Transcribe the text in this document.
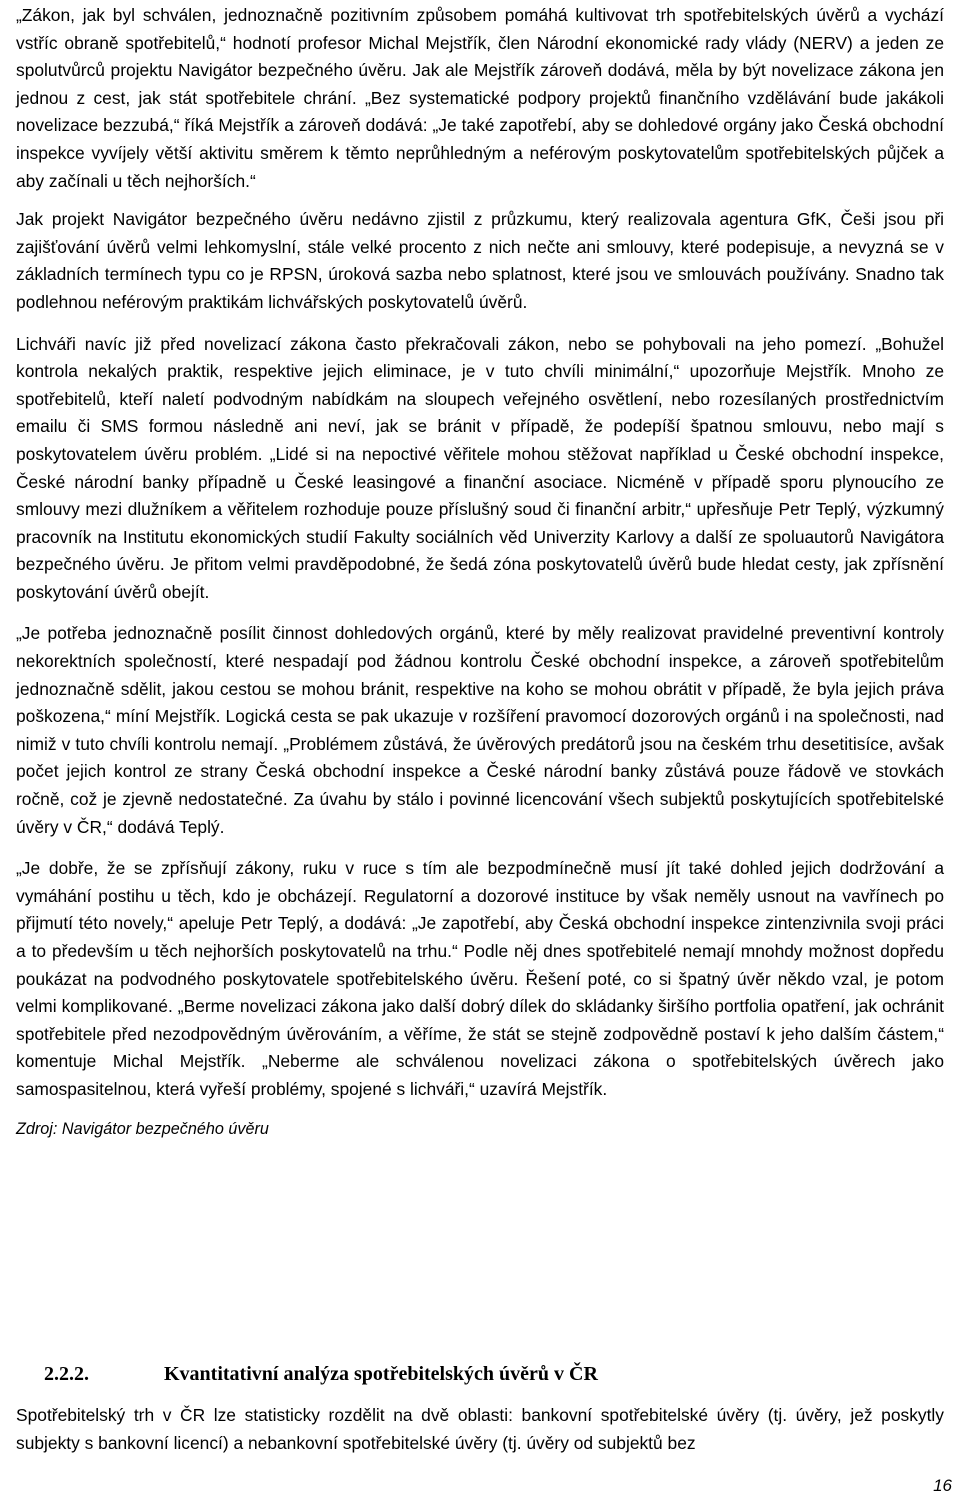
„Zákon, jak byl schválen, jednoznačně pozitivním způsobem pomáhá kultivovat trh spotřebitelských úvěrů a vychází vstříc obraně spotřebitelů,“ hodnotí profesor Michal Mejstřík, člen Národní ekonomické rady vlády (NERV) a jeden ze spolutvůrců projektu Navigátor bezpečného úvěru. Jak ale Mejstřík zároveň dodává, měla by být novelizace zákona jen jednou z cest, jak stát spotřebitele chrání. „Bez systematické podpory projektů finančního vzdělávání bude jakákoli novelizace bezzubá,“ říká Mejstřík a zároveň dodává: „Je také zapotřebí, aby se dohledové orgány jako Česká obchodní inspekce vyvíjely větší aktivitu směrem k těmto neprůhledným a neférovým poskytovatelům spotřebitelských půjček a aby začínali u těch nejhorších.“

Jak projekt Navigátor bezpečného úvěru nedávno zjistil z průzkumu, který realizovala agentura GfK, Češi jsou při zajišťování úvěrů velmi lehkomyslní, stále velké procento z nich nečte ani smlouvy, které podepisuje, a nevyzná se v základních termínech typu co je RPSN, úroková sazba nebo splatnost, které jsou ve smlouvách používány. Snadno tak podlehnou neférovým praktikám lichvářských poskytovatelů úvěrů.

Lichváři navíc již před novelizací zákona často překračovali zákon, nebo se pohybovali na jeho pomezí. „Bohužel kontrola nekalých praktik, respektive jejich eliminace, je v tuto chvíli minimální,“ upozorňuje Mejstřík. Mnoho ze spotřebitelů, kteří naletí podvodným nabídkám na sloupech veřejného osvětlení, nebo rozesílaných prostřednictvím emailu či SMS formou následně ani neví, jak se bránit v případě, že podepíší špatnou smlouvu, nebo mají s poskytovatelem úvěru problém. „Lidé si na nepoctivé věřitele mohou stěžovat například u České obchodní inspekce, České národní banky případně u České leasingové a finanční asociace. Nicméně v případě sporu plynoucího ze smlouvy mezi dlužníkem a věřitelem rozhoduje pouze příslušný soud či finanční arbitr,“ upřesňuje Petr Teplý, výzkumný pracovník na Institutu ekonomických studií Fakulty sociálních věd Univerzity Karlovy a další ze spoluautorů Navigátora bezpečného úvěru. Je přitom velmi pravděpodobné, že šedá zóna poskytovatelů úvěrů bude hledat cesty, jak zpřísnění poskytování úvěrů obejít.

„Je potřeba jednoznačně posílit činnost dohledových orgánů, které by měly realizovat pravidelné preventivní kontroly nekorektních společností, které nespadají pod žádnou kontrolu České obchodní inspekce, a zároveň spotřebitelům jednoznačně sdělit, jakou cestou se mohou bránit, respektive na koho se mohou obrátit v případě, že byla jejich práva poškozena,“ míní Mejstřík. Logická cesta se pak ukazuje v rozšíření pravomocí dozorových orgánů i na společnosti, nad nimiž v tuto chvíli kontrolu nemají. „Problémem zůstává, že úvěrových predátorů jsou na českém trhu desetitisíce, avšak počet jejich kontrol ze strany Česká obchodní inspekce a České národní banky zůstává pouze řádově ve stovkách ročně, což je zjevně nedostatečné. Za úvahu by stálo i povinné licencování všech subjektů poskytujících spotřebitelské úvěry v ČR,“ dodává Teplý.

„Je dobře, že se zpřísňují zákony, ruku v ruce s tím ale bezpodmínečně musí jít také dohled jejich dodržování a vymáhání postihu u těch, kdo je obcházejí. Regulatorní a dozorové instituce by však neměly usnout na vavřínech po přijmutí této novely,“ apeluje Petr Teplý, a dodává: „Je zapotřebí, aby Česká obchodní inspekce zintenzivnila svoji práci a to především u těch nejhorších poskytovatelů na trhu.“ Podle něj dnes spotřebitelé nemají mnohdy možnost dopředu poukázat na podvodného poskytovatele spotřebitelského úvěru. Řešení poté, co si špatný úvěr někdo vzal, je potom velmi komplikované. „Berme novelizaci zákona jako další dobrý dílek do skládanky širšího portfolia opatření, jak ochránit spotřebitele před nezodpovědným úvěrováním, a věříme, že stát se stejně zodpovědně postaví k jeho dalším částem,“ komentuje Michal Mejstřík. „Neberme ale schválenou novelizaci zákona o spotřebitelských úvěrech jako samospasitelnou, která vyřeší problémy, spojené s lichváři,“ uzavírá Mejstřík.

Zdroj: Navigátor bezpečného úvěru

2.2.2.	Kvantitativní analýza spotřebitelských úvěrů v ČR

Spotřebitelský trh v ČR lze statisticky rozdělit na dvě oblasti: bankovní spotřebitelské úvěry (tj. úvěry, jež poskytly subjekty s bankovní licencí) a nebankovní spotřebitelské úvěry (tj. úvěry od subjektů bez

16
